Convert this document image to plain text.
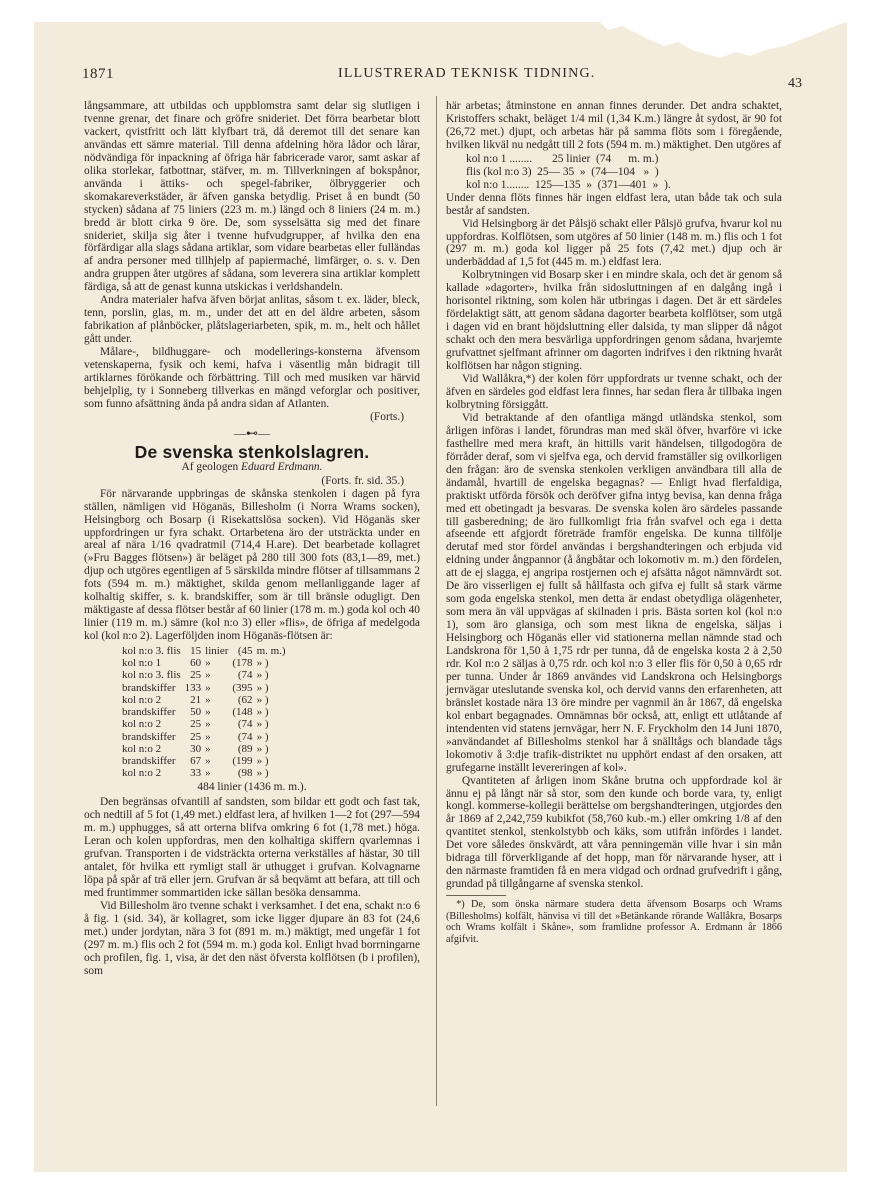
1871	ILLUSTRERAD TEKNISK TIDNING.
43

långsammare, att utbildas och uppblomstra samt delar sig slutligen i tvenne grenar, det finare och gröfre snideriet. Det förra bearbetar blott vackert, qvistfritt och lätt klyfbart trä, då deremot till det senare kan användas ett sämre material. Till denna afdelning höra lådor och lårar, nödvändiga för inpackning af öfriga här fabricerade varor, samt askar af olika storlekar, fatbottnar, stäfver, m. m. Tillverkningen af bokspånor, använda i ättiks- och spegel-fabriker, ölbryggerier och skomakareverkstäder, är äfven ganska betydlig. Priset å en bundt (50 stycken) sådana af 75 liniers (223 m. m.) längd och 8 liniers (24 m. m.) bredd är blott cirka 9 öre. De, som sysselsätta sig med det finare snideriet, skilja sig åter i tvenne hufvudgrupper, af hvilka den ena förfärdigar alla slags sådana artiklar, som vidare bearbetas eller fulländas af andra personer med tillhjelp af papiermaché, limfärger, o. s. v. Den andra gruppen åter utgöres af sådana, som leverera sina artiklar komplett färdiga, så att de genast kunna utskickas i verldshandeln.

Andra materialer hafva äfven börjat anlitas, såsom t. ex. läder, bleck, tenn, porslin, glas, m. m., under det att en del äldre arbeten, såsom fabrikation af plånböcker, plåtslageriarbeten, spik, m. m., helt och hållet gått under.

Målare-, bildhuggare- och modellerings-konsterna äfvensom vetenskaperna, fysik och kemi, hafva i väsentlig mån bidragit till artiklarnes förökande och förbättring. Till och med musiken var härvid behjelplig, ty i Sonneberg tillverkas en mängd veforglar och positiver, som funno afsättning ända på andra sidan af Atlanten.

(Forts.)
—⊷—
De svenska stenkolslagren.
Af geologen Eduard Erdmann.
(Forts. fr. sid. 35.)

För närvarande uppbringas de skånska stenkolen i dagen på fyra ställen, nämligen vid Höganäs, Billesholm (i Norra Wrams socken), Helsingborg och Bosarp (i Risekattslösa socken). Vid Höganäs sker uppfordringen ur fyra schakt. Ortarbetena äro der utsträckta under en areal af nära 1/16 qvadratmil (714,4 H.are). Det bearbetade kollagret (»Fru Bagges flötsen») är beläget på 280 till 300 fots (83,1—89, met.) djup och utgöres egentligen af 5 särskilda mindre flötser af tillsammans 2 fots (594 m. m.) mäktighet, skilda genom mellanliggande lager af kolhaltig skiffer, s. k. brandskiffer, som är till bränsle odugligt. Den mäktigaste af dessa flötser består af 60 linier (178 m. m.) goda kol och 40 linier (119 m. m.) sämre (kol n:o 3) eller »flis», de öfriga af medelgoda kol (kol n:o 2). Lagerföljden inom Höganäs-flötsen är:

kol n:o 3. flis	15	linier	(45	m. m.)
kol n:o 1	60	»	(178	» )
kol n:o 3. flis	25	»	(74	» )
brandskiffer	133	»	(395	» )
kol n:o 2	21	»	(62	» )
brandskiffer	50	»	(148	» )
kol n:o 2	25	»	(74	» )
brandskiffer	25	»	(74	» )
kol n:o 2	30	»	(89	» )
brandskiffer	67	»	(199	» )
kol n:o 2	33	»	(98	» )
484 linier (1436 m. m.).

Den begränsas ofvantill af sandsten, som bildar ett godt och fast tak, och nedtill af 5 fot (1,49 met.) eldfast lera, af hvilken 1—2 fot (297—594 m. m.) upphugges, så att orterna blifva omkring 6 fot (1,78 met.) höga. Leran och kolen uppfordras, men den kolhaltiga skiffern qvarlemnas i grufvan. Transporten i de vidsträckta orterna verkställes af hästar, 30 till antalet, för hvilka ett rymligt stall är uthugget i grufvan. Kolvagnarne löpa på spår af trä eller jern. Grufvan är så beqvämt att befara, att till och med fruntimmer sommartiden icke sällan besöka densamma.

Vid Billesholm äro tvenne schakt i verksamhet. I det ena, schakt n:o 6 å fig. 1 (sid. 34), är kollagret, som icke ligger djupare än 83 fot (24,6 met.) under jordytan, nära 3 fot (891 m. m.) mäktigt, med ungefär 1 fot (297 m. m.) flis och 2 fot (594 m. m.) goda kol. Enligt hvad borrningarne och profilen, fig. 1, visa, är det den näst öfversta kolflötsen (b i profilen), som

här arbetas; åtminstone en annan finnes derunder. Det andra schaktet, Kristoffers schakt, beläget 1/4 mil (1,34 K.m.) längre åt sydost, är 90 fot (26,72 met.) djupt, och arbetas här på samma flöts som i föregående, hvilken likväl nu nedgått till 2 fots (594 m. m.) mäktighet. Den utgöres af

kol n:o 1 ........       25 linier  (74      m. m.)
flis (kol n:o 3)  25— 35  »  (74—104   »  )
kol n:o 1........  125—135  »  (371—401  »  ).

Under denna flöts finnes här ingen eldfast lera, utan både tak och sula består af sandsten.

Vid Helsingborg är det Pålsjö schakt eller Pålsjö grufva, hvarur kol nu uppfordras. Kolflötsen, som utgöres af 50 linier (148 m. m.) flis och 1 fot (297 m. m.) goda kol ligger på 25 fots (7,42 met.) djup och är underbäddad af 1,5 fot (445 m. m.) eldfast lera.

Kolbrytningen vid Bosarp sker i en mindre skala, och det är genom så kallade »dagorter», hvilka från sidosluttningen af en dalgång ingå i horisontel riktning, som kolen här utbringas i dagen. Det är ett särdeles fördelaktigt sätt, att genom sådana dagorter bearbeta kolflötser, som utgå i dagen vid en brant höjdsluttning eller dalsida, ty man slipper då något schakt och den mera besvärliga uppfordringen genom sådana, hvarjemte grufvattnet sjelfmant afrinner om dagorten indrifves i den riktning hvaråt kolflötsen har någon stigning.

Vid Wallåkra,*) der kolen förr uppfordrats ur tvenne schakt, och der äfven en särdeles god eldfast lera finnes, har sedan flera år tillbaka ingen kolbrytning försiggått.

Vid betraktande af den ofantliga mängd utländska stenkol, som årligen införas i landet, förundras man med skäl öfver, hvarföre vi icke fasthellre med mera kraft, än hittills varit händelsen, tillgodogöra de förråder deraf, som vi sjelfva ega, och dervid framställer sig ovilkorligen den frågan: äro de svenska stenkolen verkligen användbara till alla de ändamål, hvartill de engelska begagnas? — Enligt hvad flerfaldiga, praktiskt utförda försök och deröfver gifna intyg bevisa, kan denna fråga med ett obetingadt ja besvaras. De svenska kolen äro särdeles passande till gasberedning; de äro fullkomligt fria från svafvel och ega i detta afseende ett afgjordt företräde framför engelska. De kunna tillfölje derutaf med stor fördel användas i bergshandteringen och erbjuda vid eldning under ångpannor (å ångbåtar och lokomotiv m. m.) den fördelen, att de ej slagga, ej angripa rostjernen och ej afsätta något nämnvärdt sot. De äro visserligen ej fullt så hållfasta och gifva ej fullt så stark värme som goda engelska stenkol, men detta är endast obetydliga olägenheter, som mera än väl uppvägas af skilnaden i pris. Bästa sorten kol (kol n:o 1), som äro glansiga, och som mest likna de engelska, säljas i Helsingborg och Höganäs eller vid stationerna mellan nämnde stad och Landskrona för 1,50 à 1,75 rdr per tunna, då de engelska kosta 2 à 2,50 rdr. Kol n:o 2 säljas à 0,75 rdr. och kol n:o 3 eller flis för 0,50 à 0,65 rdr per tunna. Under år 1869 användes vid Landskrona och Helsingborgs jernvägar uteslutande svenska kol, och dervid vanns den erfarenheten, att bränslet kostade nära 13 öre mindre per vagnmil än år 1867, då engelska kol enbart begagnades. Omnämnas bör också, att, enligt ett utlåtande af intendenten vid statens jernvägar, herr N. F. Fryckholm den 14 Juni 1870, »användandet af Billesholms stenkol har å snälltågs och blandade tågs lokomotiv å 3:dje trafik-distriktet nu upphört endast af den orsaken, att grufegarne inställt levereringen af kol».

Qvantiteten af årligen inom Skåne brutna och uppfordrade kol är ännu ej på långt när så stor, som den kunde och borde vara, ty, enligt kongl. kommerse-kollegii berättelse om bergshandteringen, utgjordes den år 1869 af 2,242,759 kubikfot (58,760 kub.-m.) eller omkring 1/8 af den qvantitet stenkol, stenkolstybb och käks, som utifrån infördes i landet. Det vore således önskvärdt, att våra penningemän ville hvar i sin mån bidraga till förverkligande af det hopp, man för närvarande hyser, att i den närmaste framtiden få en mera vidgad och ordnad grufvedrift i gång, grundad på tillgångarne af svenska stenkol.

*) De, som önska närmare studera detta äfvensom Bosarps och Wrams (Billesholms) kolfält, hänvisa vi till det »Betänkande rörande Wallåkra, Bosarps och Wrams kolfält i Skåne», som framlidne professor A. Erdmann år 1866 afgifvit.
